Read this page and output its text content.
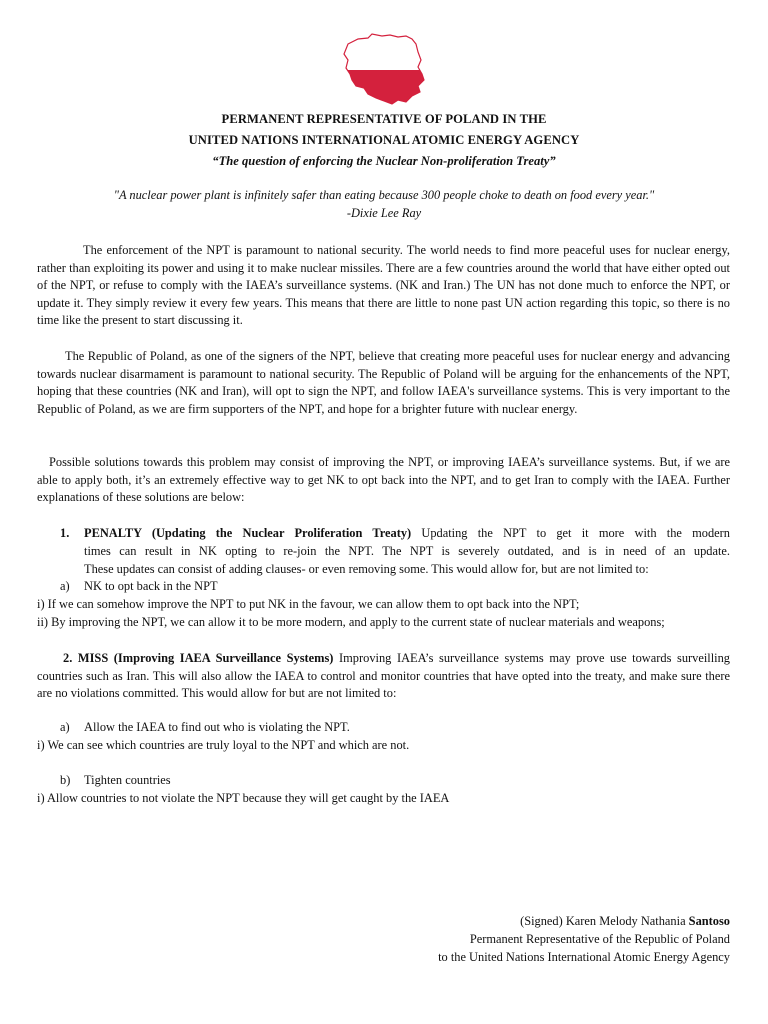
PERMANENT REPRESENTATIVE OF POLAND IN THE
UNITED NATIONS INTERNATIONAL ATOMIC ENERGY AGENCY
“The question of enforcing the Nuclear Non-proliferation Treaty”
"A nuclear power plant is infinitely safer than eating because 300 people choke to death on food every year."
-Dixie Lee Ray

The enforcement of the NPT is paramount to national security. The world needs to find more peaceful uses for nuclear energy, rather than exploiting its power and using it to make nuclear missiles. There are a few countries around the world that have either opted out of the NPT, or refuse to comply with the IAEA’s surveillance systems. (NK and Iran.) The UN has not done much to enforce the NPT, or update it. They simply review it every few years. This means that there are little to none past UN action regarding this topic, so there is no time like the present to start discussing it.

The Republic of Poland, as one of the signers of the NPT, believe that creating more peaceful uses for nuclear energy and advancing towards nuclear disarmament is paramount to national security. The Republic of Poland will be arguing for the enhancements of the NPT, hoping that these countries (NK and Iran), will opt to sign the NPT, and follow IAEA's surveillance systems. This is very important to the Republic of Poland, as we are firm supporters of the NPT, and hope for a brighter future with nuclear energy.

Possible solutions towards this problem may consist of improving the NPT, or improving IAEA’s surveillance systems. But, if we are able to apply both, it’s an extremely effective way to get NK to opt back into the NPT, and to get Iran to comply with the IAEA. Further explanations of these solutions are below:

1. PENALTY (Updating the Nuclear Proliferation Treaty) Updating the NPT to get it more with the modern
times can result in NK opting to re-join the NPT. The NPT is severely outdated, and is in need of an update.
These updates can consist of adding clauses- or even removing some. This would allow for, but are not limited to:
a) NK to opt back in the NPT
i) If we can somehow improve the NPT to put NK in the favour, we can allow them to opt back into the NPT;

ii) By improving the NPT, we can allow it to be more modern, and apply to the current state of nuclear materials and weapons;

2. MISS (Improving IAEA Surveillance Systems) Improving IAEA’s surveillance systems may prove use towards surveilling countries such as Iran. This will also allow the IAEA to control and monitor countries that have opted into the treaty, and make sure there are no violations committed. This would allow for but are not limited to:

a) Allow the IAEA to find out who is violating the NPT.
i) We can see which countries are truly loyal to the NPT and which are not.
b) Tighten countries
i) Allow countries to not violate the NPT because they will get caught by the IAEA
(Signed) Karen Melody Nathania Santoso
Permanent Representative of the Republic of Poland
to the United Nations International Atomic Energy Agency
